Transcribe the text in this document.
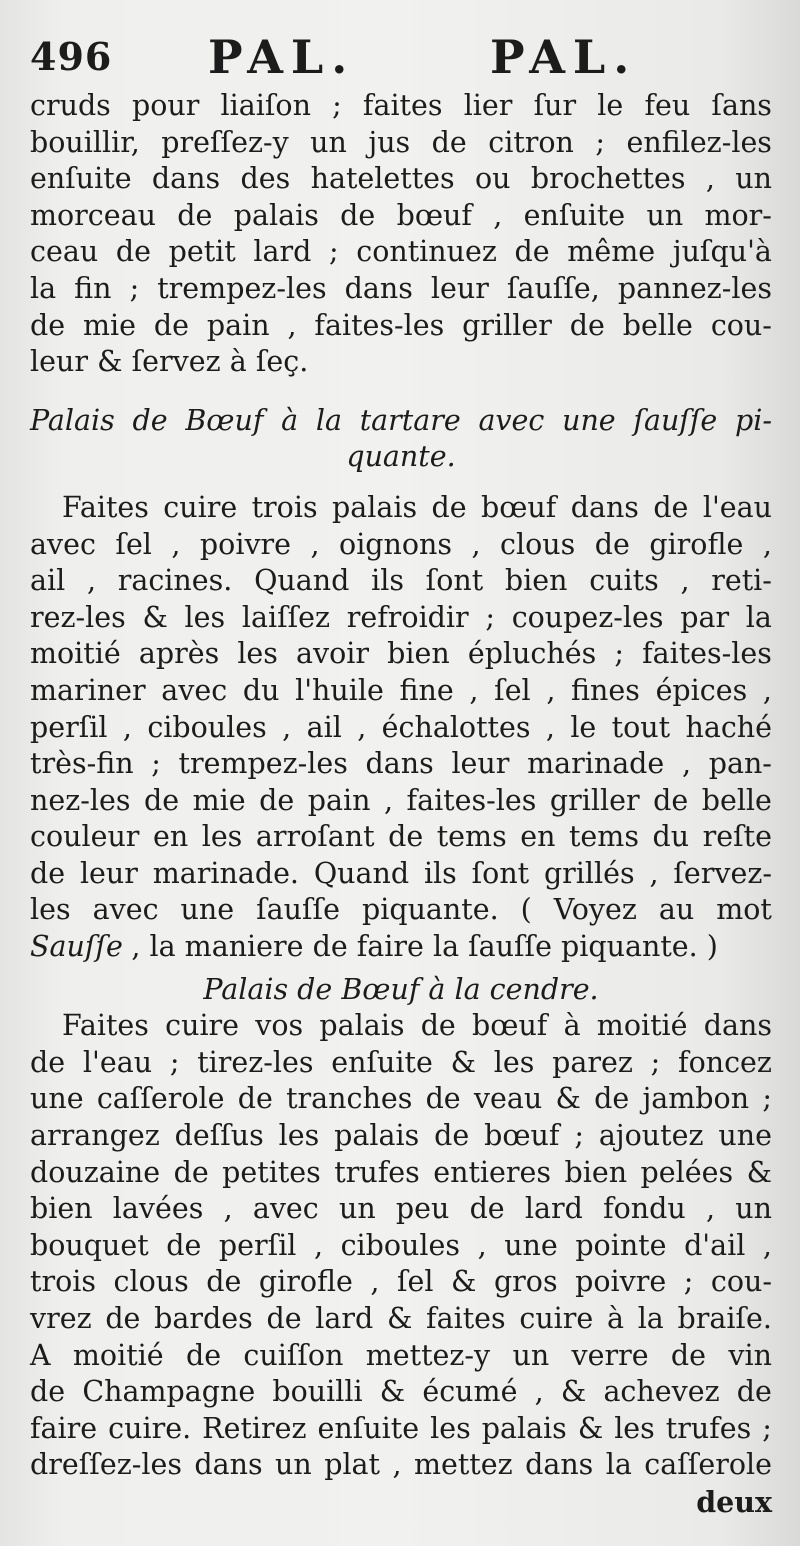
496 PAL.	PAL.
cruds pour liaiſon ; faites lier ſur le feu ſans
bouillir, preſſez-y un jus de citron ; enfilez-les
enſuite dans des hatelettes ou brochettes , un
morceau de palais de bœuf , enſuite un mor-
ceau de petit lard ; continuez de même juſqu'à
la fin ; trempez-les dans leur ſauſſe, pannez-les
de mie de pain , faites-les griller de belle cou-
leur & ſervez à ſeç.
Palais de Bœuf à la tartare avec une ſauſſe pi-
quante.
Faites cuire trois palais de bœuf dans de l'eau
avec ſel , poivre , oignons , clous de girofle ,
ail , racines. Quand ils ſont bien cuits , reti-
rez-les & les laiſſez refroidir ; coupez-les par la
moitié après les avoir bien épluchés ; faites-les
mariner avec du l'huile fine , ſel , fines épices ,
perſil , ciboules , ail , échalottes , le tout haché
très-fin ; trempez-les dans leur marinade , pan-
nez-les de mie de pain , faites-les griller de belle
couleur en les arroſant de tems en tems du reſte
de leur marinade. Quand ils ſont grillés , ſervez-
les avec une ſauſſe piquante. ( Voyez au mot
Sauſſe , la maniere de faire la ſauſſe piquante. )
Palais de Bœuf à la cendre.
Faites cuire vos palais de bœuf à moitié dans
de l'eau ; tirez-les enſuite & les parez ; foncez
une caſſerole de tranches de veau & de jambon ;
arrangez deſſus les palais de bœuf ; ajoutez une
douzaine de petites trufes entieres bien pelées &
bien lavées , avec un peu de lard fondu , un
bouquet de perſil , ciboules , une pointe d'ail ,
trois clous de girofle , ſel & gros poivre ; cou-
vrez de bardes de lard & faites cuire à la braiſe.
A moitié de cuiſſon mettez-y un verre de vin
de Champagne bouilli & écumé , & achevez de
faire cuire. Retirez enſuite les palais & les trufes ;
dreſſez-les dans un plat , mettez dans la caſſerole
deux
